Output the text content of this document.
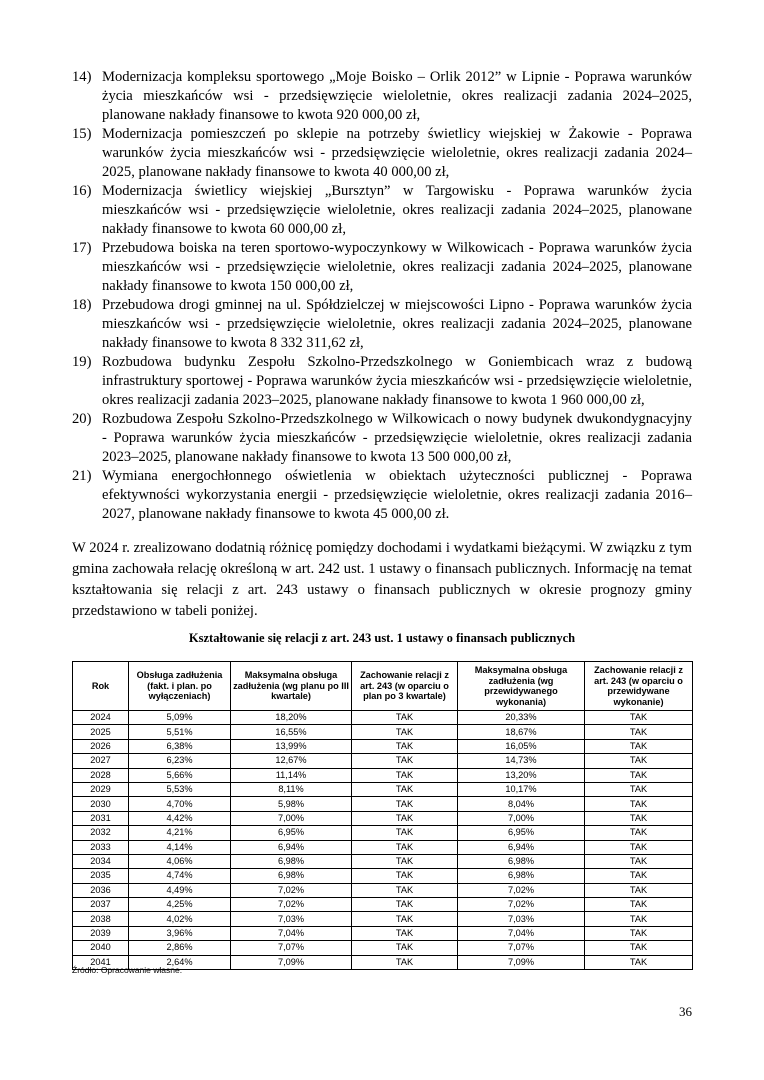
14) Modernizacja kompleksu sportowego „Moje Boisko – Orlik 2012” w Lipnie - Poprawa warunków życia mieszkańców wsi - przedsięwzięcie wieloletnie, okres realizacji zadania 2024–2025, planowane nakłady finansowe to kwota 920 000,00 zł,
15) Modernizacja pomieszczeń po sklepie na potrzeby świetlicy wiejskiej w Żakowie - Poprawa warunków życia mieszkańców wsi - przedsięwzięcie wieloletnie, okres realizacji zadania 2024–2025, planowane nakłady finansowe to kwota 40 000,00 zł,
16) Modernizacja świetlicy wiejskiej „Bursztyn” w Targowisku - Poprawa warunków życia mieszkańców wsi - przedsięwzięcie wieloletnie, okres realizacji zadania 2024–2025, planowane nakłady finansowe to kwota 60 000,00 zł,
17) Przebudowa boiska na teren sportowo-wypoczynkowy w Wilkowicach - Poprawa warunków życia mieszkańców wsi - przedsięwzięcie wieloletnie, okres realizacji zadania 2024–2025, planowane nakłady finansowe to kwota 150 000,00 zł,
18) Przebudowa drogi gminnej na ul. Spółdzielczej w miejscowości Lipno - Poprawa warunków życia mieszkańców wsi - przedsięwzięcie wieloletnie, okres realizacji zadania 2024–2025, planowane nakłady finansowe to kwota 8 332 311,62 zł,
19) Rozbudowa budynku Zespołu Szkolno-Przedszkolnego w Goniembicach wraz z budową infrastruktury sportowej - Poprawa warunków życia mieszkańców wsi - przedsięwzięcie wieloletnie, okres realizacji zadania 2023–2025, planowane nakłady finansowe to kwota 1 960 000,00 zł,
20) Rozbudowa Zespołu Szkolno-Przedszkolnego w Wilkowicach o nowy budynek dwukondygnacyjny - Poprawa warunków życia mieszkańców - przedsięwzięcie wieloletnie, okres realizacji zadania 2023–2025, planowane nakłady finansowe to kwota 13 500 000,00 zł,
21) Wymiana energochłonnego oświetlenia w obiektach użyteczności publicznej - Poprawa efektywności wykorzystania energii - przedsięwzięcie wieloletnie, okres realizacji zadania 2016–2027, planowane nakłady finansowe to kwota 45 000,00 zł.

W 2024 r. zrealizowano dodatnią różnicę pomiędzy dochodami i wydatkami bieżącymi. W związku z tym gmina zachowała relację określoną w art. 242 ust. 1 ustawy o finansach publicznych. Informację na temat kształtowania się relacji z art. 243 ustawy o finansach publicznych w okresie prognozy gminy przedstawiono w tabeli poniżej.

Kształtowanie się relacji z art. 243 ust. 1 ustawy o finansach publicznych
Rok	Obsługa zadłużenia (fakt. i plan. po wyłączeniach)	Maksymalna obsługa zadłużenia (wg planu po III kwartale)	Zachowanie relacji z art. 243 (w oparciu o plan po 3 kwartale)	Maksymalna obsługa zadłużenia (wg przewidywanego wykonania)	Zachowanie relacji z art. 243 (w oparciu o przewidywane wykonanie)
2024	5,09%	18,20%	TAK	20,33%	TAK
2025	5,51%	16,55%	TAK	18,67%	TAK
2026	6,38%	13,99%	TAK	16,05%	TAK
2027	6,23%	12,67%	TAK	14,73%	TAK
2028	5,66%	11,14%	TAK	13,20%	TAK
2029	5,53%	8,11%	TAK	10,17%	TAK
2030	4,70%	5,98%	TAK	8,04%	TAK
2031	4,42%	7,00%	TAK	7,00%	TAK
2032	4,21%	6,95%	TAK	6,95%	TAK
2033	4,14%	6,94%	TAK	6,94%	TAK
2034	4,06%	6,98%	TAK	6,98%	TAK
2035	4,74%	6,98%	TAK	6,98%	TAK
2036	4,49%	7,02%	TAK	7,02%	TAK
2037	4,25%	7,02%	TAK	7,02%	TAK
2038	4,02%	7,03%	TAK	7,03%	TAK
2039	3,96%	7,04%	TAK	7,04%	TAK
2040	2,86%	7,07%	TAK	7,07%	TAK
2041	2,64%	7,09%	TAK	7,09%	TAK
Źródło: Opracowanie własne.
36
